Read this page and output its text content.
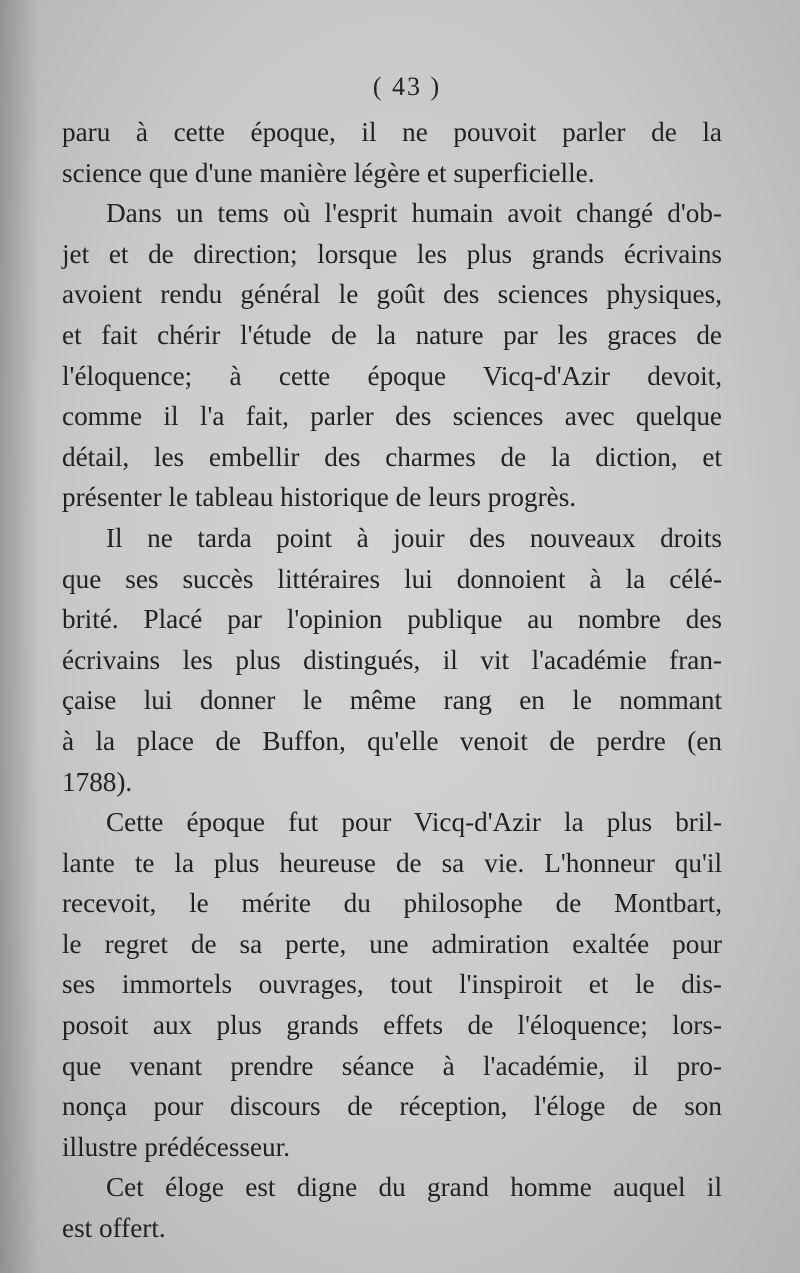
( 43 )
paru à cette époque, il ne pouvoit parler de la
science que d'une manière légère et superficielle.
Dans un tems où l'esprit humain avoit changé d'ob-
jet et de direction; lorsque les plus grands écrivains
avoient rendu général le goût des sciences physiques,
et fait chérir l'étude de la nature par les graces de
l'éloquence; à cette époque Vicq-d'Azir devoit,
comme il l'a fait, parler des sciences avec quelque
détail, les embellir des charmes de la diction, et
présenter le tableau historique de leurs progrès.
Il ne tarda point à jouir des nouveaux droits
que ses succès littéraires lui donnoient à la célé-
brité. Placé par l'opinion publique au nombre des
écrivains les plus distingués, il vit l'académie fran-
çaise lui donner le même rang en le nommant
à la place de Buffon, qu'elle venoit de perdre (en
1788).
Cette époque fut pour Vicq-d'Azir la plus bril-
lante te la plus heureuse de sa vie. L'honneur qu'il
recevoit, le mérite du philosophe de Montbart,
le regret de sa perte, une admiration exaltée pour
ses immortels ouvrages, tout l'inspiroit et le dis-
posoit aux plus grands effets de l'éloquence; lors-
que venant prendre séance à l'académie, il pro-
nonça pour discours de réception, l'éloge de son
illustre prédécesseur.
Cet éloge est digne du grand homme auquel il
est offert.
